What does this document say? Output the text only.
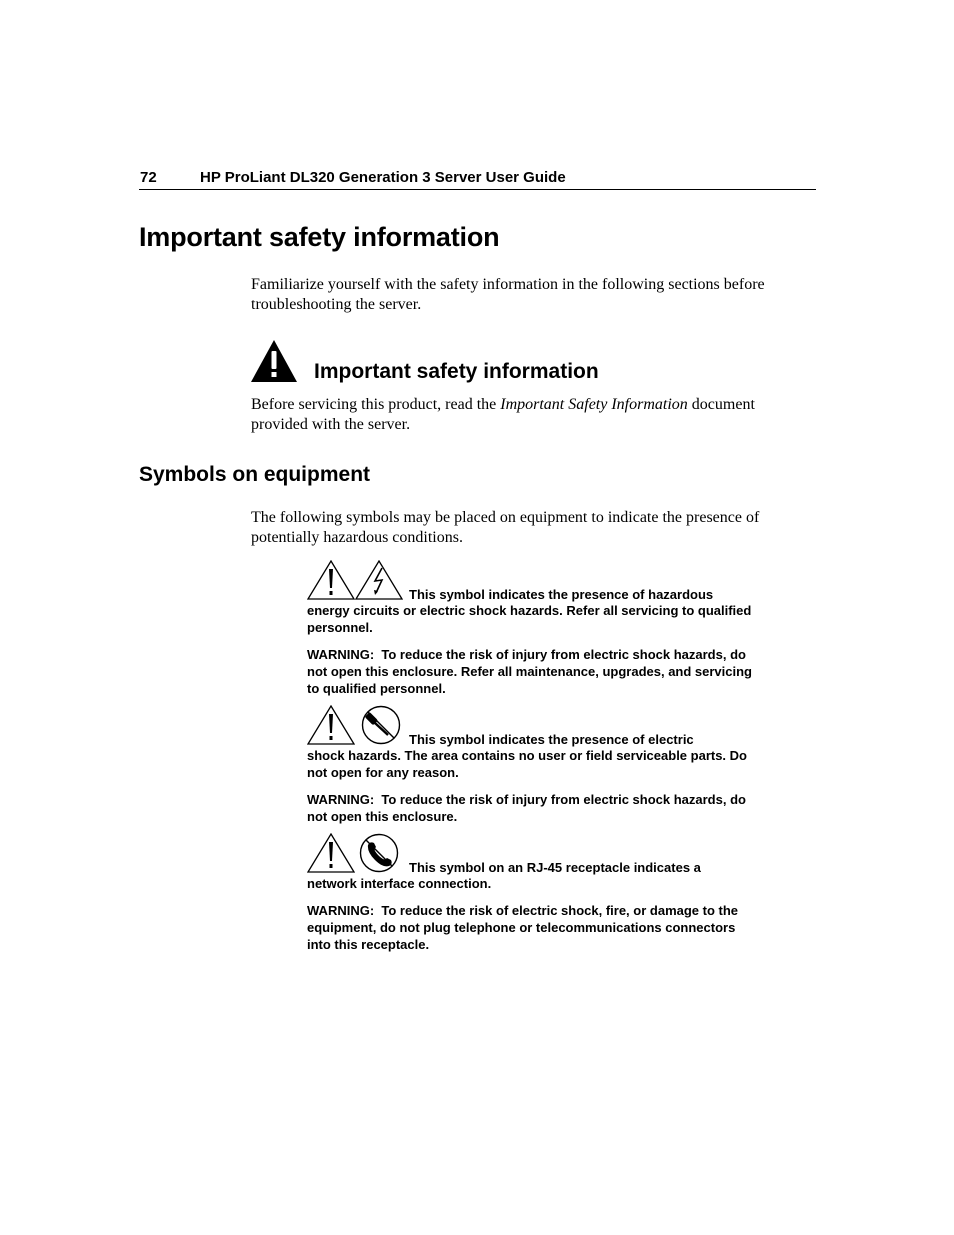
72	HP ProLiant DL320 Generation 3 Server User Guide
Important safety information

Familiarize yourself with the safety information in the following sections before troubleshooting the server.

Important safety information

Before servicing this product, read the Important Safety Information document provided with the server.

Symbols on equipment

The following symbols may be placed on equipment to indicate the presence of potentially hazardous conditions.

This symbol indicates the presence of hazardous
energy circuits or electric shock hazards. Refer all servicing to qualified personnel.

WARNING:  To reduce the risk of injury from electric shock hazards, do not open this enclosure. Refer all maintenance, upgrades, and servicing to qualified personnel.

This symbol indicates the presence of electric
shock hazards. The area contains no user or field serviceable parts. Do not open for any reason.

WARNING:  To reduce the risk of injury from electric shock hazards, do not open this enclosure.

This symbol on an RJ-45 receptacle indicates a
network interface connection.

WARNING:  To reduce the risk of electric shock, fire, or damage to the equipment, do not plug telephone or telecommunications connectors into this receptacle.
